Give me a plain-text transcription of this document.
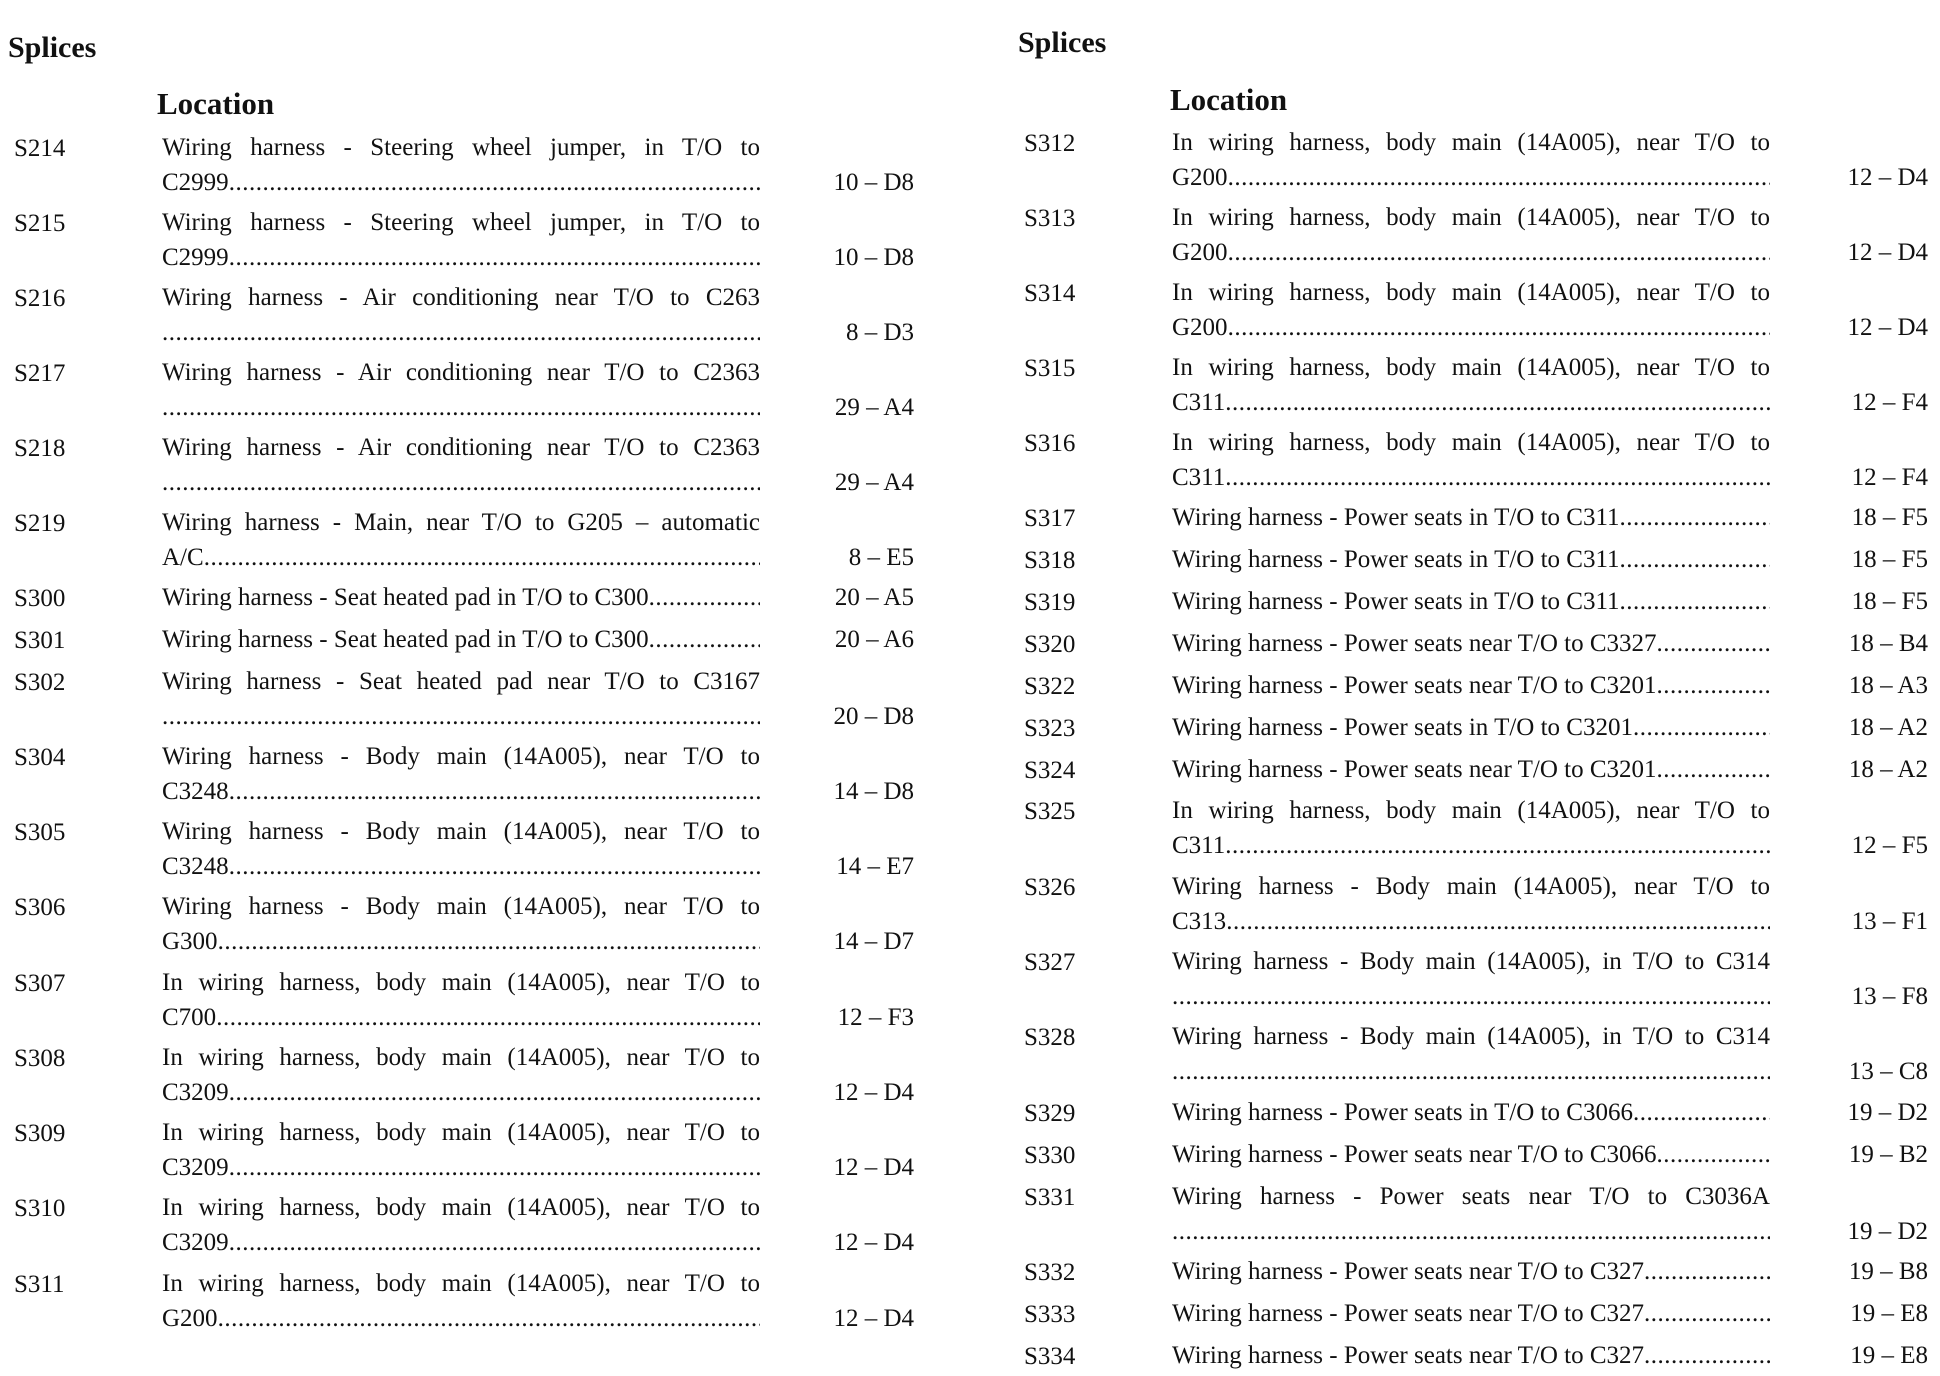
Splices
Location
S214	Wiring harness - Steering wheel jumper, in T/O to
C2999 .....	10 – D8
S215	Wiring harness - Steering wheel jumper, in T/O to
C2999 .....	10 – D8
S216	Wiring harness - Air conditioning near T/O to C263
.....
8 – D3
S217	Wiring harness - Air conditioning near T/O to C2363
.....
29 – A4
S218	Wiring harness - Air conditioning near T/O to C2363
.....
29 – A4
S219	Wiring harness - Main, near T/O to G205 – automatic
A/C .....	8 – E5
S300	Wiring harness - Seat heated pad in T/O to C300 .....	20 – A5
S301	Wiring harness - Seat heated pad in T/O to C300 .....	20 – A6
S302	Wiring harness - Seat heated pad near T/O to C3167
.....
20 – D8
S304	Wiring harness - Body main (14A005), near T/O to
C3248 .....	14 – D8
S305	Wiring harness - Body main (14A005), near T/O to
C3248 .....	14 – E7
S306	Wiring harness - Body main (14A005), near T/O to
G300 .....	14 – D7
S307	In wiring harness, body main (14A005), near T/O to
C700 .....	12 – F3
S308	In wiring harness, body main (14A005), near T/O to
C3209 .....	12 – D4
S309	In wiring harness, body main (14A005), near T/O to
C3209 .....	12 – D4
S310	In wiring harness, body main (14A005), near T/O to
C3209 .....	12 – D4
S311	In wiring harness, body main (14A005), near T/O to
G200 .....	12 – D4
Splices
Location
S312	In wiring harness, body main (14A005), near T/O to
G200 .....	12 – D4
S313	In wiring harness, body main (14A005), near T/O to
G200 .....	12 – D4
S314	In wiring harness, body main (14A005), near T/O to
G200 .....	12 – D4
S315	In wiring harness, body main (14A005), near T/O to
C311 .....	12 – F4
S316	In wiring harness, body main (14A005), near T/O to
C311 .....	12 – F4
S317	Wiring harness - Power seats in T/O to C311 .....	18 – F5
S318	Wiring harness - Power seats in T/O to C311 .....	18 – F5
S319	Wiring harness - Power seats in T/O to C311 .....	18 – F5
S320	Wiring harness - Power seats near T/O to C3327 .....	18 – B4
S322	Wiring harness - Power seats near T/O to C3201 .....	18 – A3
S323	Wiring harness - Power seats in T/O to C3201 .....	18 – A2
S324	Wiring harness - Power seats near T/O to C3201 .....	18 – A2
S325	In wiring harness, body main (14A005), near T/O to
C311 .....	12 – F5
S326	Wiring harness - Body main (14A005), near T/O to
C313 .....	13 – F1
S327	Wiring harness - Body main (14A005), in T/O to C314
.....
13 – F8
S328	Wiring harness - Body main (14A005), in T/O to C314
.....
13 – C8
S329	Wiring harness - Power seats in T/O to C3066 .....	19 – D2
S330	Wiring harness - Power seats near T/O to C3066 .....	19 – B2
S331	Wiring harness - Power seats near T/O to C3036A
.....
19 – D2
S332	Wiring harness - Power seats near T/O to C327 .....	19 – B8
S333	Wiring harness - Power seats near T/O to C327 .....	19 – E8
S334	Wiring harness - Power seats near T/O to C327 .....	19 – E8
